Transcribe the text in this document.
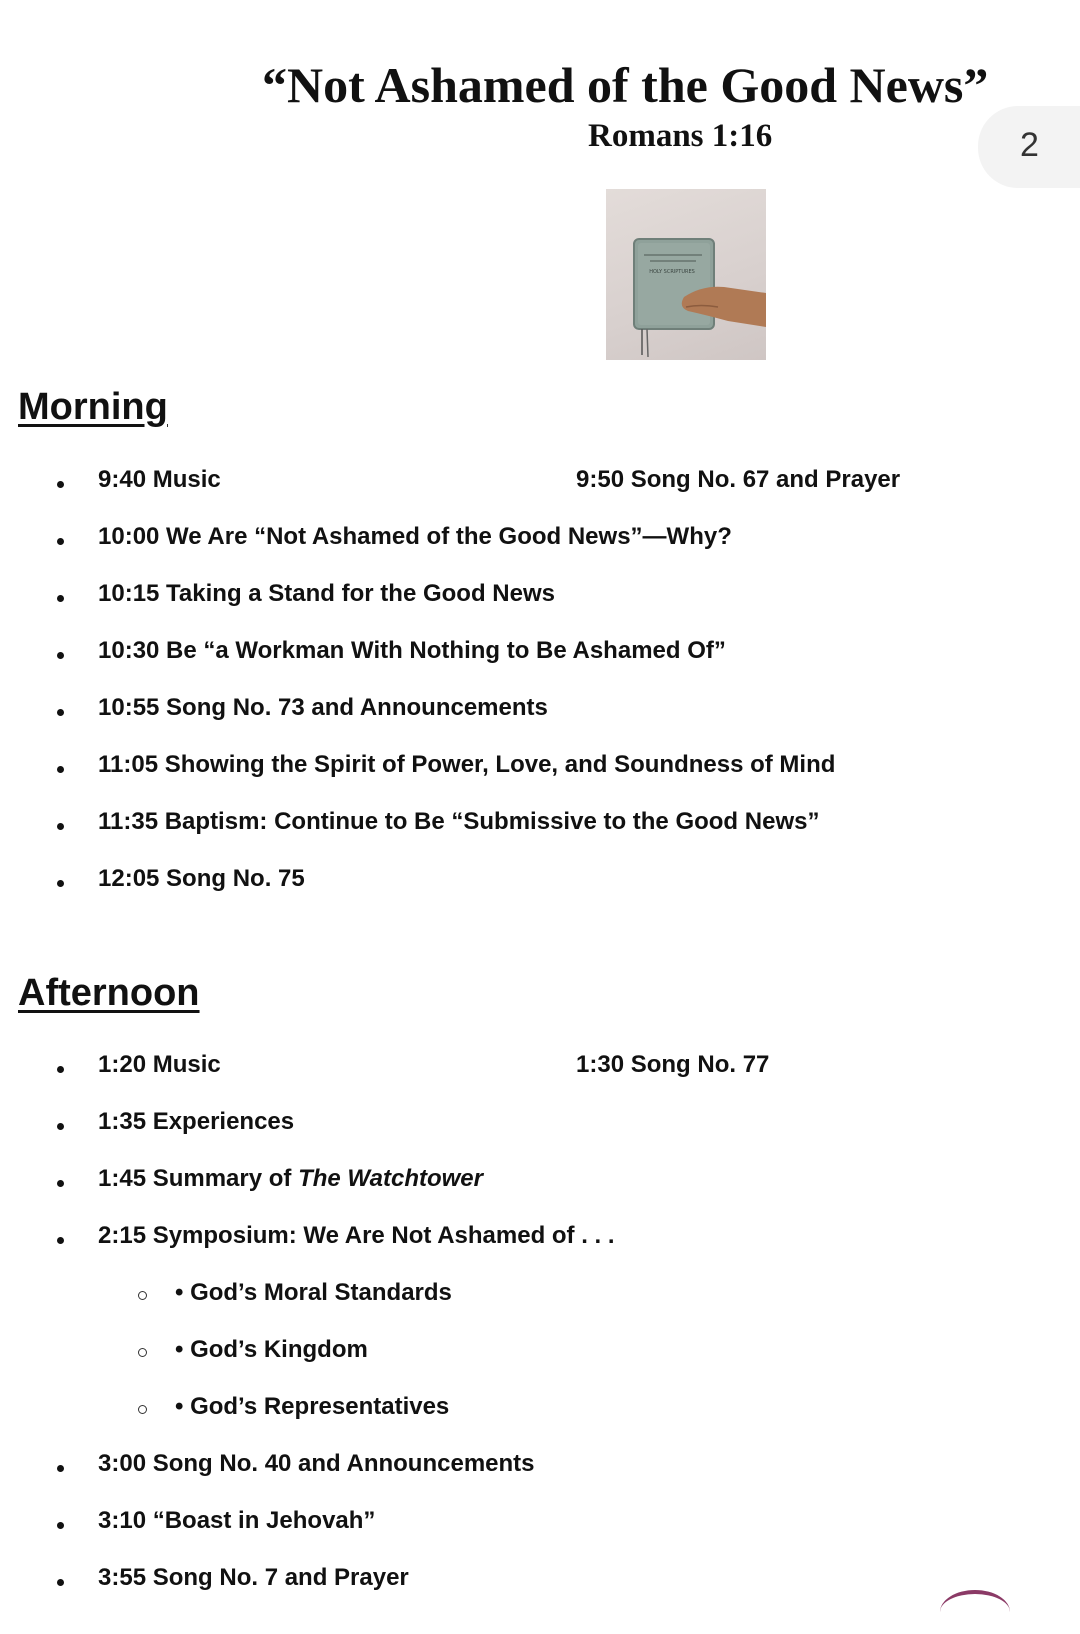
“Not Ashamed of the Good News”
Romans 1:16	2
HOLY SCRIPTURES
Morning
9:40 Music	9:50 Song No. 67 and Prayer
10:00 We Are “Not Ashamed of the Good News”—Why?
10:15 Taking a Stand for the Good News
10:30 Be “a Workman With Nothing to Be Ashamed Of”
10:55 Song No. 73 and Announcements
11:05 Showing the Spirit of Power, Love, and Soundness of Mind
11:35 Baptism: Continue to Be “Submissive to the Good News”
12:05 Song No. 75
Afternoon
1:20 Music	1:30 Song No. 77
1:35 Experiences
1:45 Summary of The Watchtower
2:15 Symposium: We Are Not Ashamed of . . .
• God’s Moral Standards
• God’s Kingdom
• God’s Representatives
3:00 Song No. 40 and Announcements
3:10 “Boast in Jehovah”
3:55 Song No. 7 and Prayer
